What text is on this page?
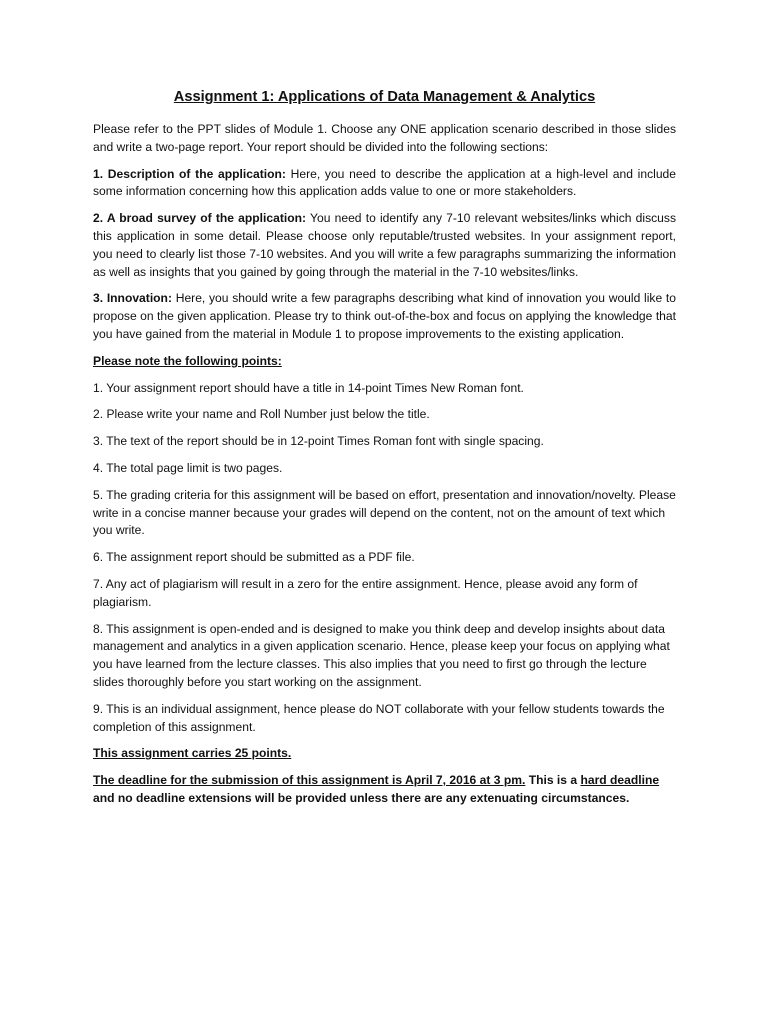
Assignment 1: Applications of Data Management & Analytics

Please refer to the PPT slides of Module 1. Choose any ONE application scenario described in those slides and write a two-page report. Your report should be divided into the following sections:

1. Description of the application: Here, you need to describe the application at a high-level and include some information concerning how this application adds value to one or more stakeholders.

2. A broad survey of the application: You need to identify any 7-10 relevant websites/links which discuss this application in some detail. Please choose only reputable/trusted websites. In your assignment report, you need to clearly list those 7-10 websites. And you will write a few paragraphs summarizing the information as well as insights that you gained by going through the material in the 7-10 websites/links.

3. Innovation: Here, you should write a few paragraphs describing what kind of innovation you would like to propose on the given application. Please try to think out-of-the-box and focus on applying the knowledge that you have gained from the material in Module 1 to propose improvements to the existing application.

Please note the following points:

1. Your assignment report should have a title in 14-point Times New Roman font.

2. Please write your name and Roll Number just below the title.

3. The text of the report should be in 12-point Times Roman font with single spacing.

4. The total page limit is two pages.

5. The grading criteria for this assignment will be based on effort, presentation and innovation/novelty. Please write in a concise manner because your grades will depend on the content, not on the amount of text which you write.

6. The assignment report should be submitted as a PDF file.

7. Any act of plagiarism will result in a zero for the entire assignment. Hence, please avoid any form of plagiarism.

8. This assignment is open-ended and is designed to make you think deep and develop insights about data management and analytics in a given application scenario. Hence, please keep your focus on applying what you have learned from the lecture classes. This also implies that you need to first go through the lecture slides thoroughly before you start working on the assignment.

9. This is an individual assignment, hence please do NOT collaborate with your fellow students towards the completion of this assignment.

This assignment carries 25 points.

The deadline for the submission of this assignment is April 7, 2016 at 3 pm. This is a hard deadline and no deadline extensions will be provided unless there are any extenuating circumstances.
